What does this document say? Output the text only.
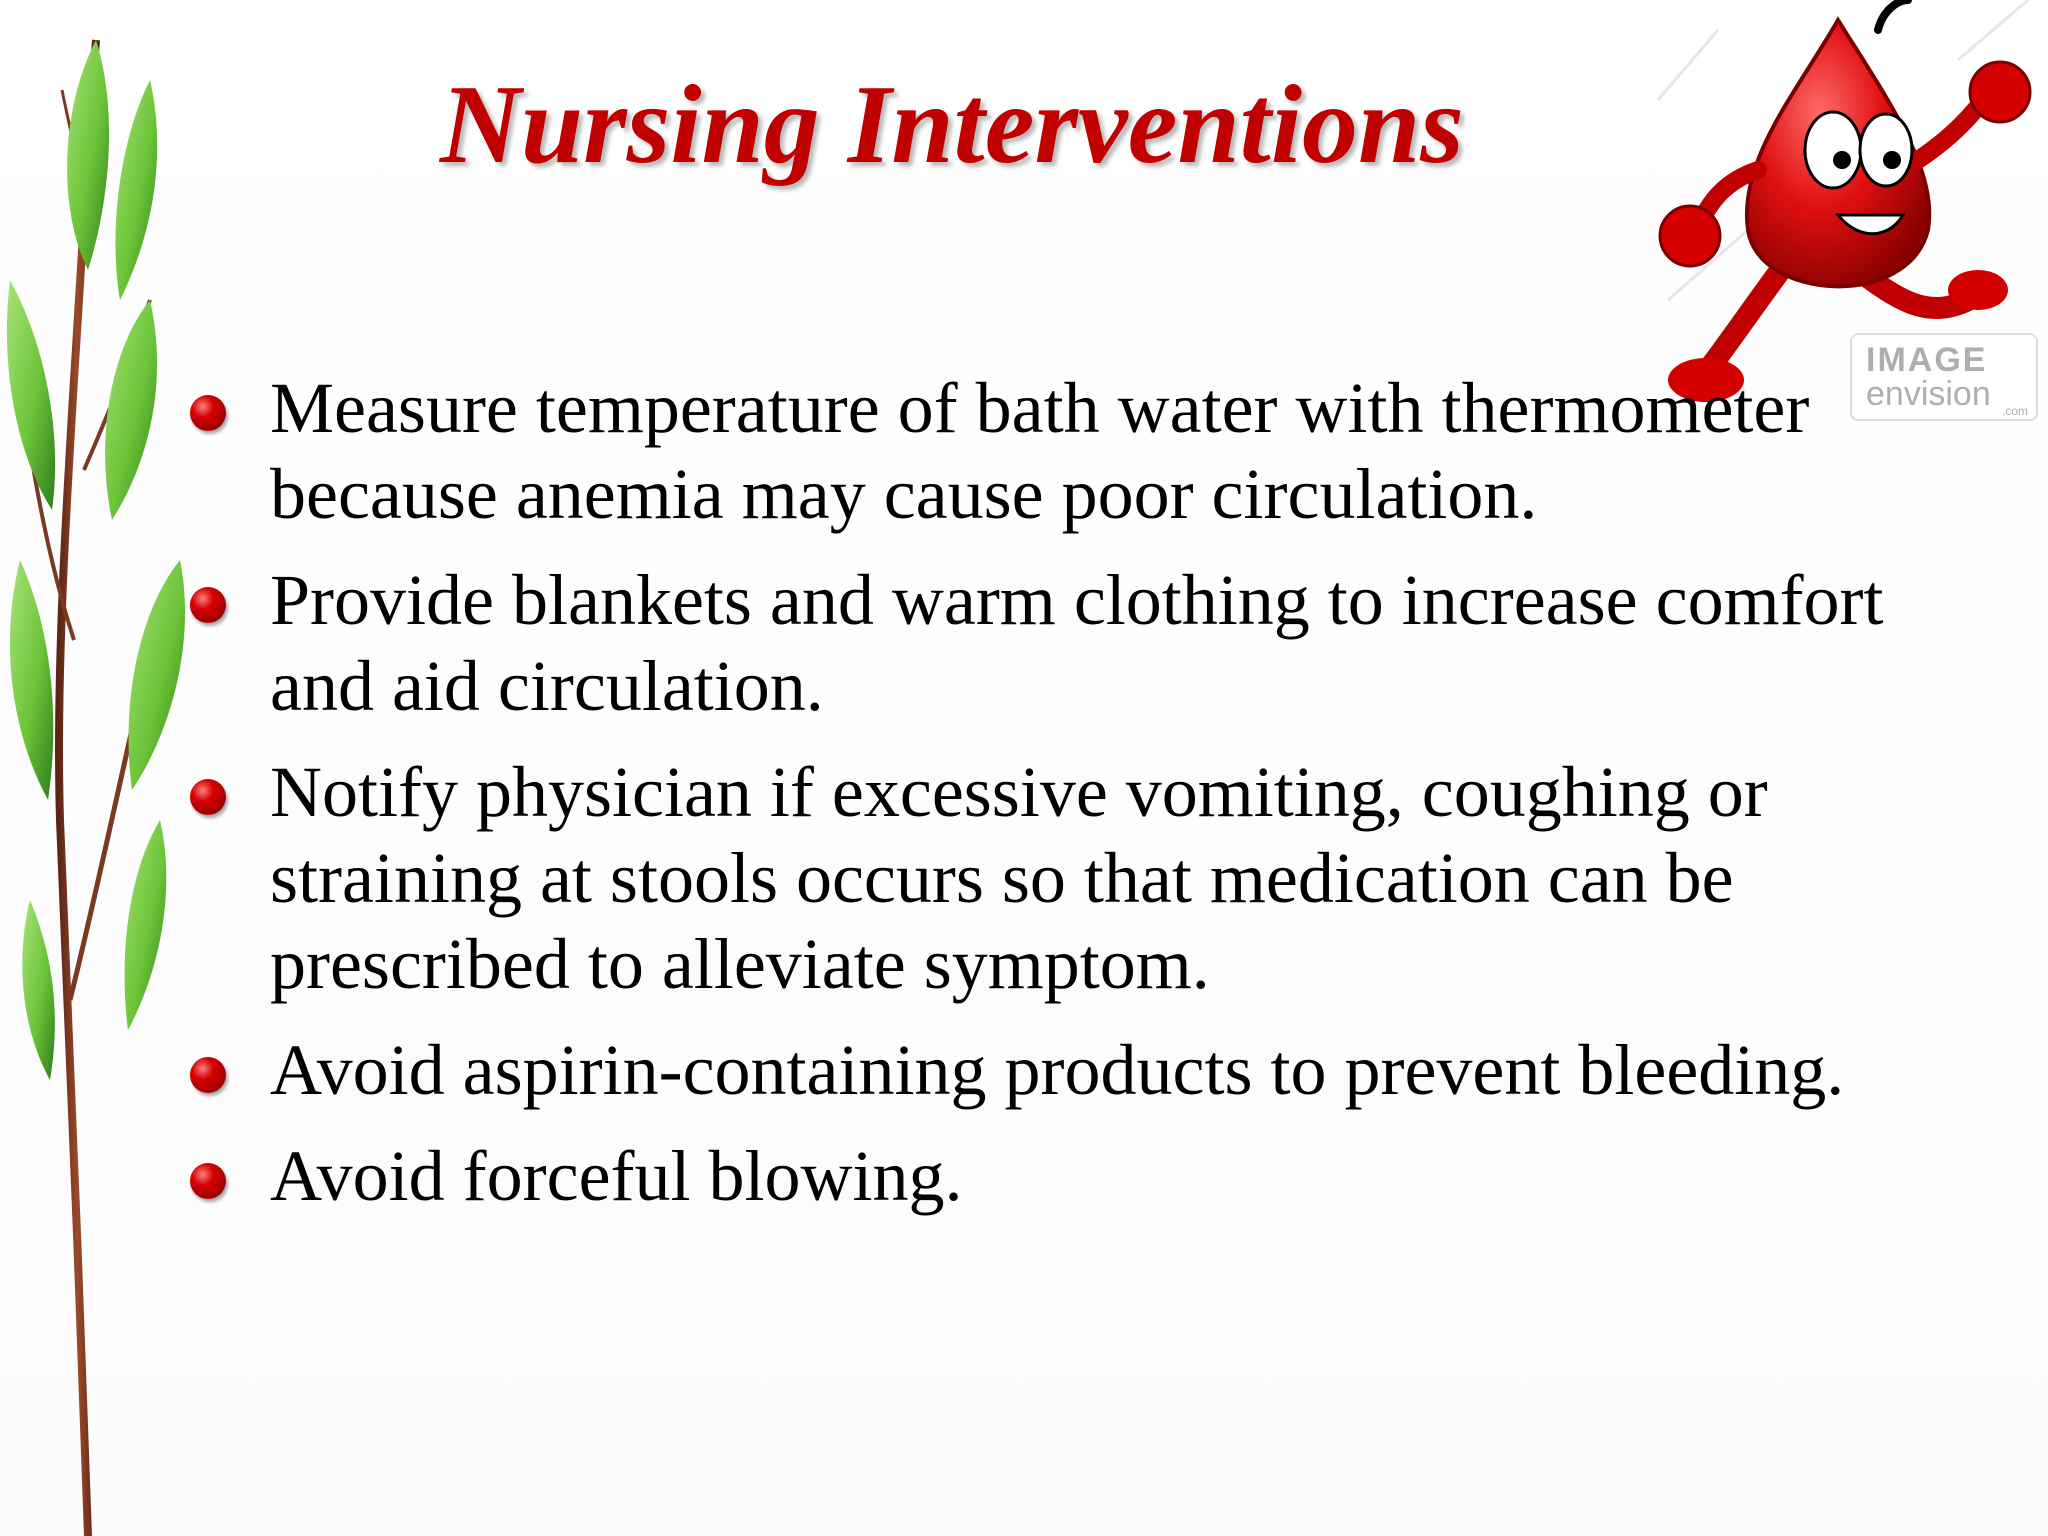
IMAGE
envision .com
Nursing Interventions
Measure temperature of bath water with thermometer because anemia may cause poor circulation.
Provide blankets and warm clothing to increase comfort and aid circulation.
Notify physician if excessive vomiting, coughing or straining at stools occurs so that medication can be prescribed to alleviate symptom.
Avoid aspirin-containing products to prevent bleeding.
Avoid forceful blowing.
